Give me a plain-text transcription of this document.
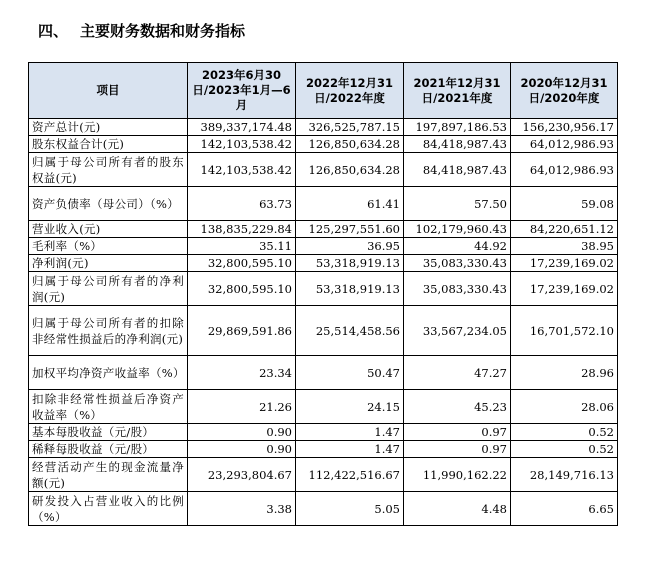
四、 主要财务数据和财务指标
项目	2023年6月30日/2023年1月—6月	2022年12月31日/2022年度	2021年12月31日/2021年度	2020年12月31日/2020年度
资产总计(元)	389,337,174.48	326,525,787.15	197,897,186.53	156,230,956.17
股东权益合计(元)	142,103,538.42	126,850,634.28	84,418,987.43	64,012,986.93
归属于母公司所有者的股东权益(元)	142,103,538.42	126,850,634.28	84,418,987.43	64,012,986.93
资产负债率（母公司）（%）	63.73	61.41	57.50	59.08
营业收入(元)	138,835,229.84	125,297,551.60	102,179,960.43	84,220,651.12
毛利率（%）	35.11	36.95	44.92	38.95
净利润(元)	32,800,595.10	53,318,919.13	35,083,330.43	17,239,169.02
归属于母公司所有者的净利润(元)	32,800,595.10	53,318,919.13	35,083,330.43	17,239,169.02
归属于母公司所有者的扣除非经常性损益后的净利润(元)	29,869,591.86	25,514,458.56	33,567,234.05	16,701,572.10
加权平均净资产收益率（%）	23.34	50.47	47.27	28.96
扣除非经常性损益后净资产收益率（%）	21.26	24.15	45.23	28.06
基本每股收益（元/股）	0.90	1.47	0.97	0.52
稀释每股收益（元/股）	0.90	1.47	0.97	0.52
经营活动产生的现金流量净额(元)	23,293,804.67	112,422,516.67	11,990,162.22	28,149,716.13
研发投入占营业收入的比例（%）	3.38	5.05	4.48	6.65
